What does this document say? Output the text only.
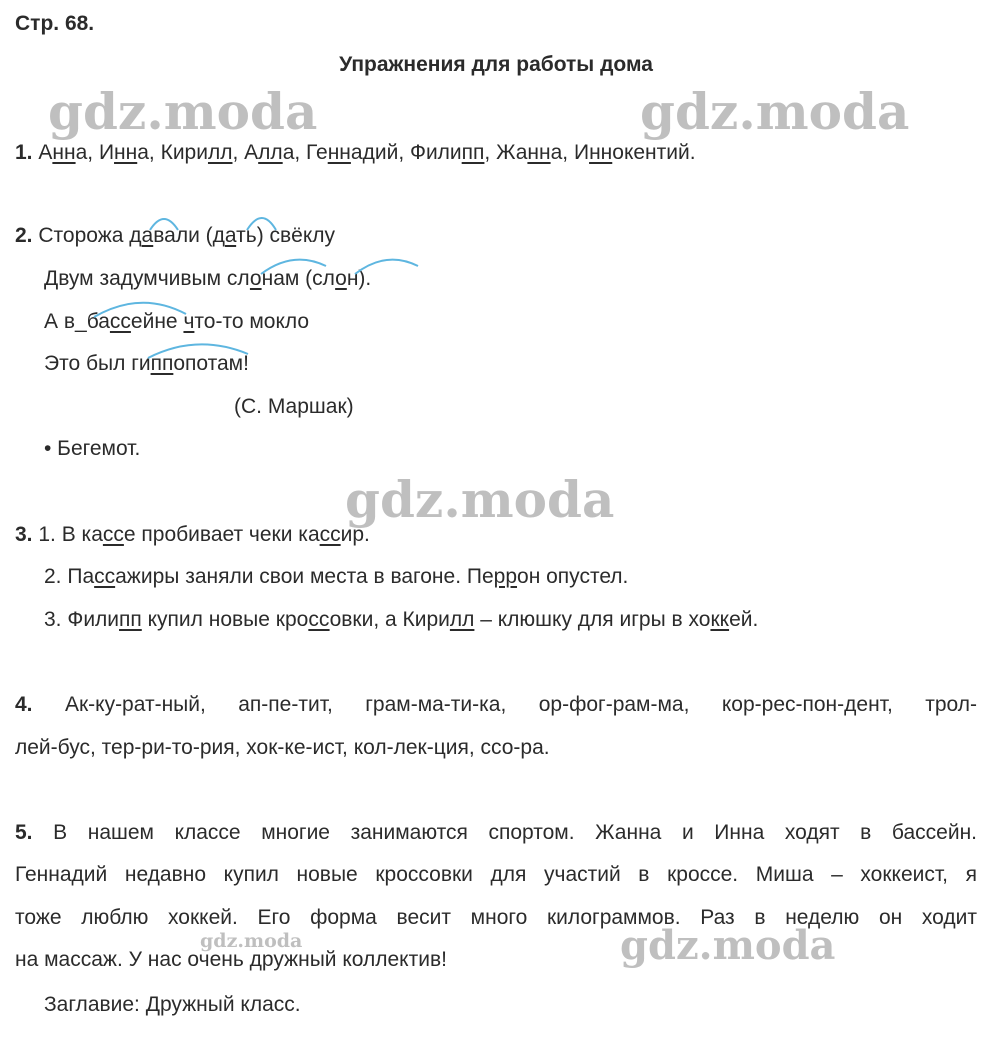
gdz.moda	gdz.moda
gdz.moda
gdz.moda
gdz.moda
Стр. 68.
Упражнения для работы дома
1. Анна, Инна, Кирилл, Алла, Геннадий, Филипп, Жанна, Иннокентий.
2. Сторожа давали (дать) свёклу
Двум задумчивым слонам (слон).
А в_бассейне что-то мокло
Это был гиппопотам!
(С. Маршак)
• Бегемот.
3. 1. В кассе пробивает чеки кассир.
2. Пассажиры заняли свои места в вагоне. Перрон опустел.
3. Филипп купил новые кроссовки, а Кирилл – клюшку для игры в хоккей.
4. Ак-ку-рат-ный, ап-пе-тит, грам-ма-ти-ка, ор-фог-рам-ма, кор-рес-пон-дент, трол-
лей-бус, тер-ри-то-рия, хок-ке-ист, кол-лек-ция, ссо-ра.
5. В нашем классе многие занимаются спортом. Жанна и Инна ходят в бассейн.
Геннадий недавно купил новые кроссовки для участий в кроссе. Миша – хоккеист, я
тоже люблю хоккей. Его форма весит много килограммов. Раз в неделю он ходит
на массаж. У нас очень дружный коллектив!
Заглавие: Дружный класс.
